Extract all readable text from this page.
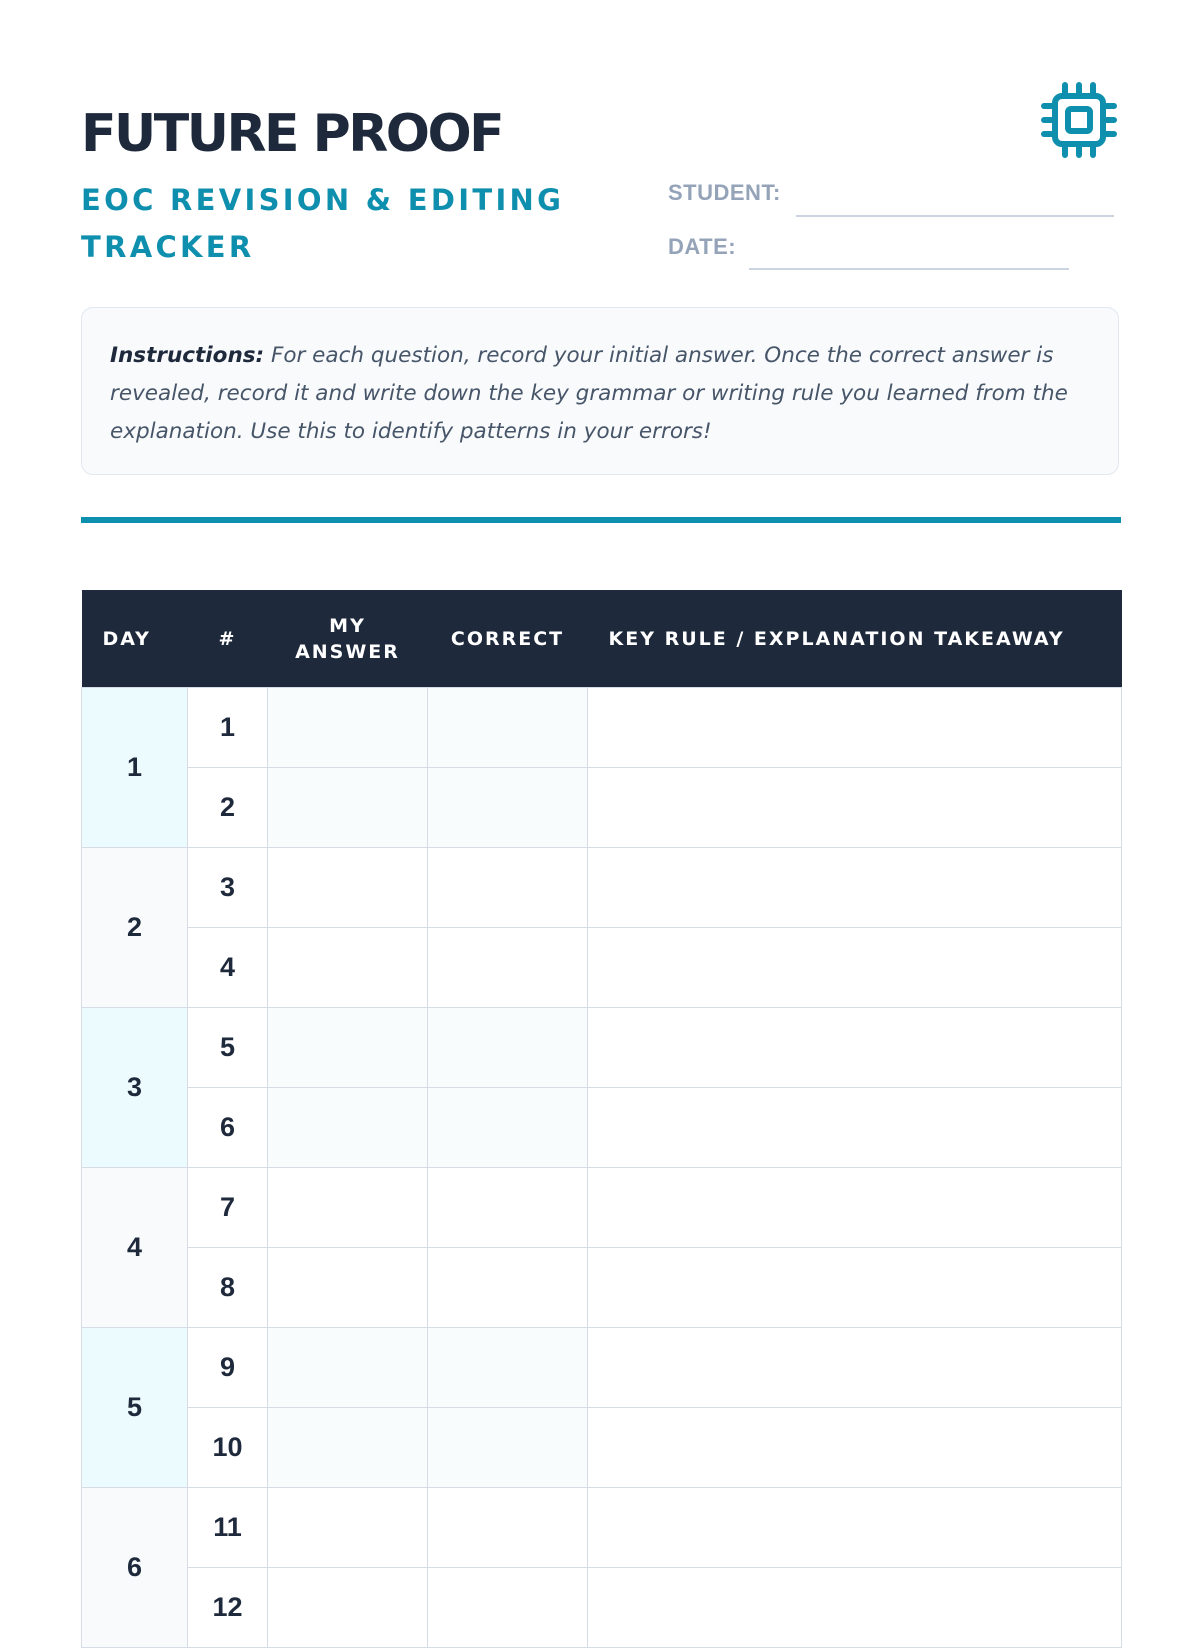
FUTURE PROOF
EOC REVISION & EDITING TRACKER
STUDENT:
DATE:
Instructions: For each question, record your initial answer. Once the correct answer is revealed, record it and write down the key grammar or writing rule you learned from the explanation. Use this to identify patterns in your errors!
DAY	#	MY ANSWER	CORRECT	KEY RULE / EXPLANATION TAKEAWAY
1	1			
	2			
2	3			
	4			
3	5			
	6			
4	7			
	8			
5	9			
	10			
6	11			
	12			
